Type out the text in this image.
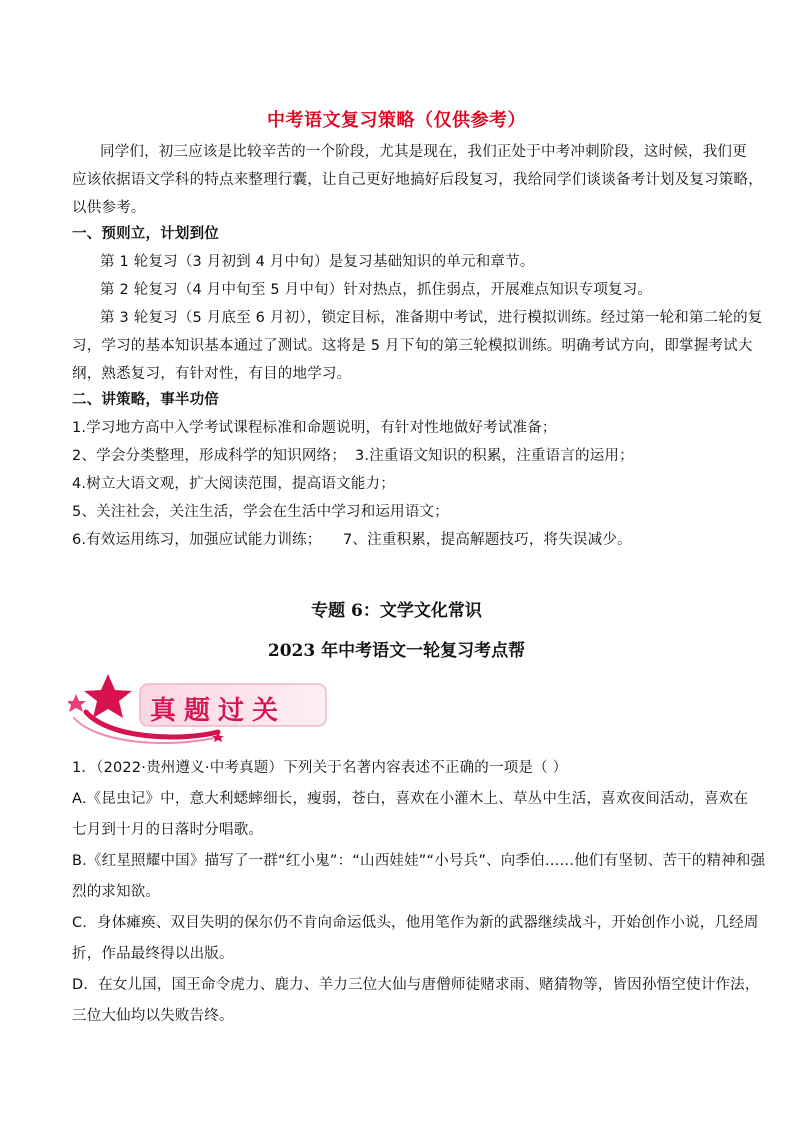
中考语文复习策略（仅供参考）
同学们，初三应该是比较辛苦的一个阶段，尤其是现在，我们正处于中考冲刺阶段，这时候，我们更
应该依据语文学科的特点来整理行囊，让自己更好地搞好后段复习，我给同学们谈谈备考计划及复习策略，
以供参考。
一、预则立，计划到位
第 1 轮复习（3 月初到 4 月中旬）是复习基础知识的单元和章节。
第 2 轮复习（4 月中旬至 5 月中旬）针对热点，抓住弱点，开展难点知识专项复习。
第 3 轮复习（5 月底至 6 月初），锁定目标，准备期中考试，进行模拟训练。经过第一轮和第二轮的复
习，学习的基本知识基本通过了测试。这将是 5 月下旬的第三轮模拟训练。明确考试方向，即掌握考试大
纲，熟悉复习，有针对性，有目的地学习。
二、讲策略，事半功倍
1.学习地方高中入学考试课程标准和命题说明，有针对性地做好考试准备；
2、学会分类整理，形成科学的知识网络； 3.注重语文知识的积累，注重语言的运用；
4.树立大语文观，扩大阅读范围，提高语文能力；
5、关注社会，关注生活，学会在生活中学习和运用语文；
6.有效运用练习，加强应试能力训练； 7、注重积累，提高解题技巧，将失误减少。
专题 6：文学文化常识
2023 年中考语文一轮复习考点帮
真题过关
1．（2022·贵州遵义·中考真题）下列关于名著内容表述不正确的一项是（ ）
A.《昆虫记》中，意大利蟋蟀细长，瘦弱，苍白，喜欢在小灌木上、草丛中生活，喜欢夜间活动，喜欢在
七月到十月的日落时分唱歌。
B.《红星照耀中国》描写了一群“红小鬼”：“山西娃娃”“小号兵”、向季伯……他们有坚韧、苦干的精神和强
烈的求知欲。
C．身体瘫痪、双目失明的保尔仍不肯向命运低头，他用笔作为新的武器继续战斗，开始创作小说，几经周
折，作品最终得以出版。
D．在女儿国，国王命令虎力、鹿力、羊力三位大仙与唐僧师徒赌求雨、赌猜物等，皆因孙悟空使计作法，
三位大仙均以失败告终。
